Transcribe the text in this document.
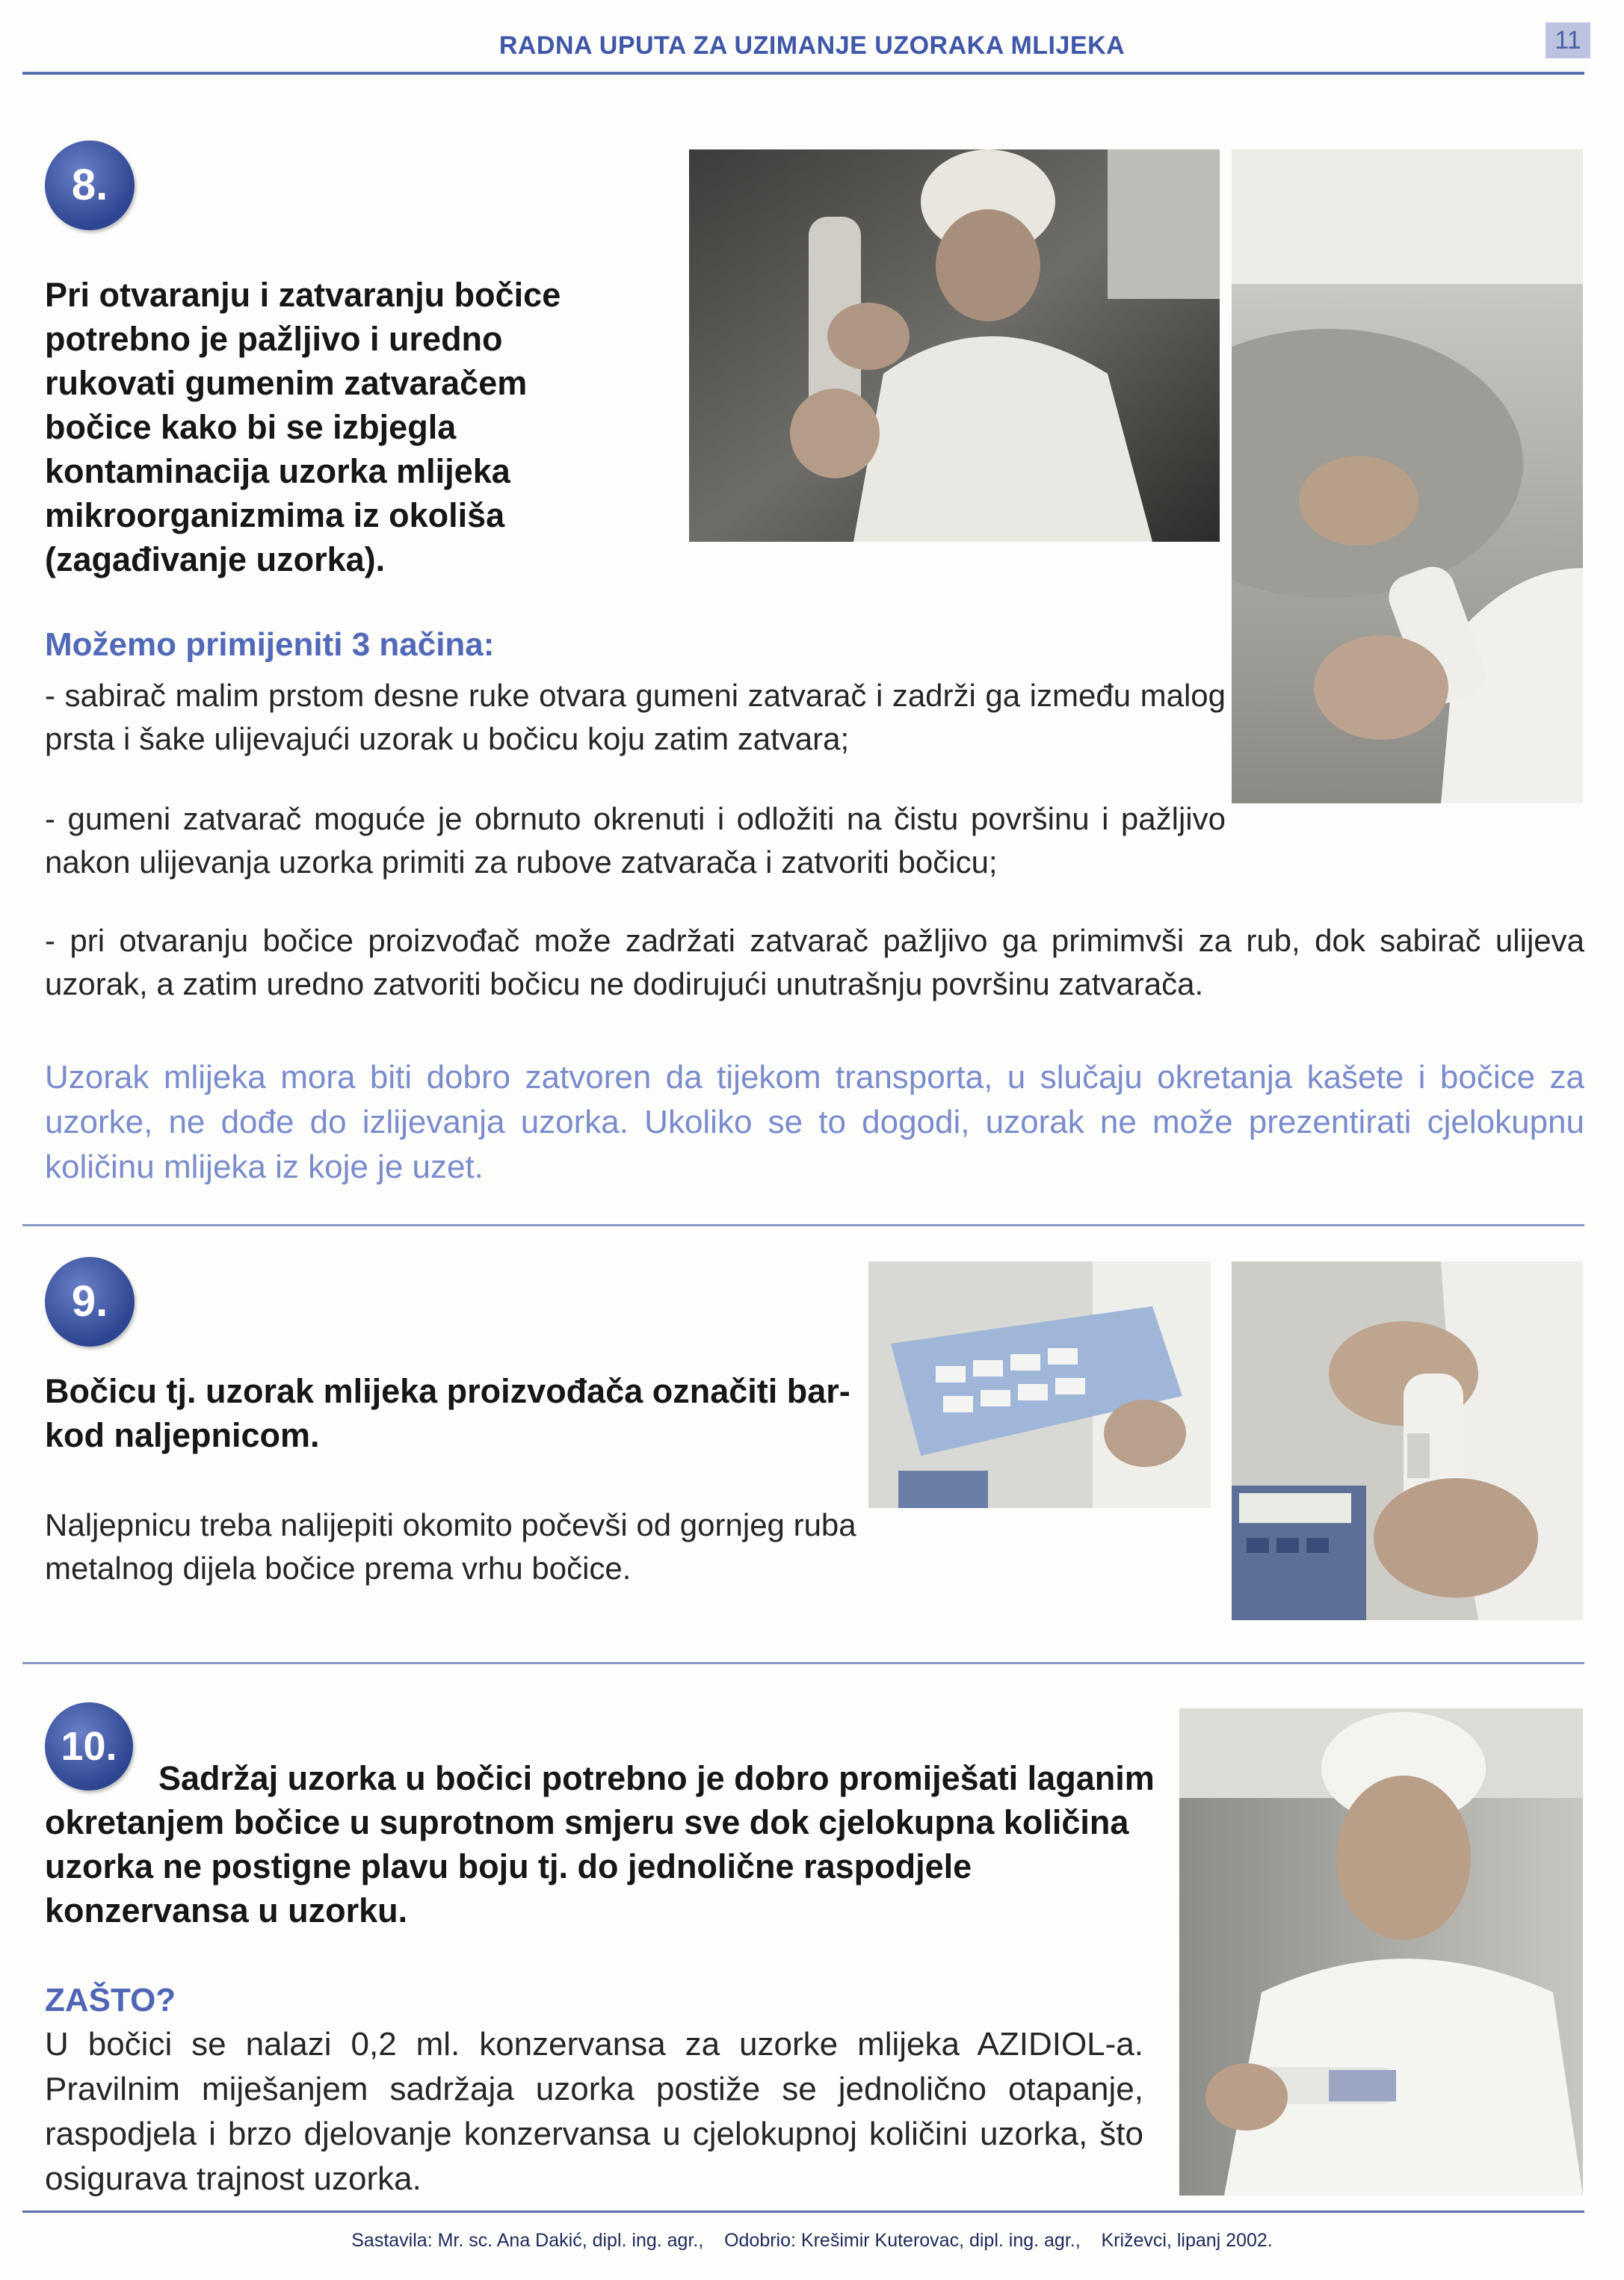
RADNA UPUTA ZA UZIMANJE UZORAKA MLIJEKA	11
8.
Pri otvaranju i zatvaranju bočice potrebno je pažljivo i uredno rukovati gumenim zatvaračem bočice kako bi se izbjegla kontaminacija uzorka mlijeka mikroorganizmima iz okoliša (zagađivanje uzorka).
Možemo primijeniti 3 načina:
- sabirač malim prstom desne ruke otvara gumeni zatvarač i zadrži ga između malog prsta i šake ulijevajući uzorak u bočicu koju zatim zatvara;
- gumeni zatvarač moguće je obrnuto okrenuti i odložiti na čistu površinu i pažljivo nakon ulijevanja uzorka primiti za rubove zatvarača i zatvoriti bočicu;
- pri otvaranju bočice proizvođač može zadržati zatvarač pažljivo ga primimvši za rub, dok sabirač ulijeva uzorak, a zatim uredno zatvoriti bočicu ne dodirujući unutrašnju površinu zatvarača.
Uzorak mlijeka mora biti dobro zatvoren da tijekom transporta, u slučaju okretanja kašete i bočice za uzorke, ne dođe do izlijevanja uzorka. Ukoliko se to dogodi, uzorak ne može prezentirati cjelokupnu količinu mlijeka iz koje je uzet.
9.
Bočicu tj. uzorak mlijeka proizvođača označiti bar-kod naljepnicom.
Naljepnicu treba nalijepiti okomito počevši od gornjeg ruba metalnog dijela bočice prema vrhu bočice.
10.
Sadržaj uzorka u bočici potrebno je dobro promiješati laganim okretanjem bočice u suprotnom smjeru sve dok cjelokupna količina uzorka ne postigne plavu boju tj. do jednolične raspodjele konzervansa u uzorku.
ZAŠTO?
U bočici se nalazi 0,2 ml. konzervansa za uzorke mlijeka AZIDIOL-a. Pravilnim miješanjem sadržaja uzorka postiže se jednolično otapanje, raspodjela i brzo djelovanje konzervansa u cjelokupnoj količini uzorka, što osigurava trajnost uzorka.
Sastavila: Mr. sc. Ana Dakić, dipl. ing. agr.,    Odobrio: Krešimir Kuterovac, dipl. ing. agr.,    Križevci, lipanj 2002.
